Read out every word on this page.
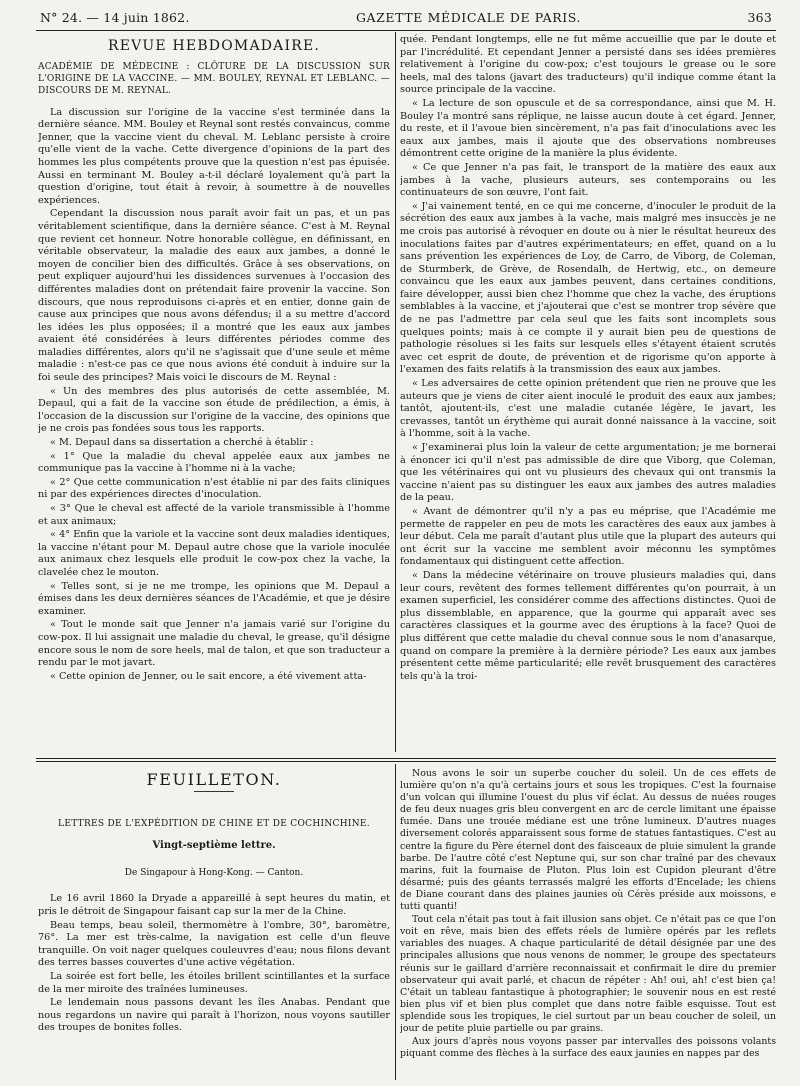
N° 24. — 14 juin 1862.	GAZETTE MÉDICALE DE PARIS.	363
REVUE HEBDOMADAIRE.
ACADÉMIE DE MÉDECINE : CLÔTURE DE LA DISCUSSION SUR L'ORIGINE DE LA VACCINE. — MM. BOULEY, REYNAL ET LEBLANC. — DISCOURS DE M. REYNAL.

La discussion sur l'origine de la vaccine s'est terminée dans la dernière séance. MM. Bouley et Reynal sont restés convaincus, comme Jenner, que la vaccine vient du cheval. M. Leblanc persiste à croire qu'elle vient de la vache. Cette divergence d'opinions de la part des hommes les plus compétents prouve que la question n'est pas épuisée. Aussi en terminant M. Bouley a-t-il déclaré loyalement qu'à part la question d'origine, tout était à revoir, à soumettre à de nouvelles expériences.

Cependant la discussion nous paraît avoir fait un pas, et un pas véritablement scientifique, dans la dernière séance. C'est à M. Reynal que revient cet honneur. Notre honorable collègue, en définissant, en véritable observateur, la maladie des eaux aux jambes, a donné le moyen de concilier bien des difficultés. Grâce à ses observations, on peut expliquer aujourd'hui les dissidences survenues à l'occasion des différentes maladies dont on prétendait faire provenir la vaccine. Son discours, que nous reproduisons ci-après et en entier, donne gain de cause aux principes que nous avons défendus; il a su mettre d'accord les idées les plus opposées; il a montré que les eaux aux jambes avaient été considérées à leurs différentes périodes comme des maladies différentes, alors qu'il ne s'agissait que d'une seule et même maladie : n'est-ce pas ce que nous avions été conduit à induire sur la foi seule des principes? Mais voici le discours de M. Reynal :

« Un des membres des plus autorisés de cette assemblée, M. Depaul, qui a fait de la vaccine son étude de prédilection, a émis, à l'occasion de la discussion sur l'origine de la vaccine, des opinions que je ne crois pas fondées sous tous les rapports.

« M. Depaul dans sa dissertation a cherché à établir :

« 1° Que la maladie du cheval appelée eaux aux jambes ne communique pas la vaccine à l'homme ni à la vache;

« 2° Que cette communication n'est établie ni par des faits cliniques ni par des expériences directes d'inoculation.

« 3° Que le cheval est affecté de la variole transmissible à l'homme et aux animaux;

« 4° Enfin que la variole et la vaccine sont deux maladies identiques, la vaccine n'étant pour M. Depaul autre chose que la variole inoculée aux animaux chez lesquels elle produit le cow-pox chez la vache, la clavelée chez le mouton.

« Telles sont, si je ne me trompe, les opinions que M. Depaul a émises dans les deux dernières séances de l'Académie, et que je désire examiner.

« Tout le monde sait que Jenner n'a jamais varié sur l'origine du cow-pox. Il lui assignait une maladie du cheval, le grease, qu'il désigne encore sous le nom de sore heels, mal de talon, et que son traducteur a rendu par le mot javart.

« Cette opinion de Jenner, ou le sait encore, a été vivement atta-

quée. Pendant longtemps, elle ne fut même accueillie que par le doute et par l'incrédulité. Et cependant Jenner a persisté dans ses idées premières relativement à l'origine du cow-pox; c'est toujours le grease ou le sore heels, mal des talons (javart des traducteurs) qu'il indique comme étant la source principale de la vaccine.

« La lecture de son opuscule et de sa correspondance, ainsi que M. H. Bouley l'a montré sans réplique, ne laisse aucun doute à cet égard. Jenner, du reste, et il l'avoue bien sincèrement, n'a pas fait d'inoculations avec les eaux aux jambes, mais il ajoute que des observations nombreuses démontrent cette origine de la manière la plus évidente.

« Ce que Jenner n'a pas fait, le transport de la matière des eaux aux jambes à la vache, plusieurs auteurs, ses contemporains ou les continuateurs de son œuvre, l'ont fait.

« J'ai vainement tenté, en ce qui me concerne, d'inoculer le produit de la sécrétion des eaux aux jambes à la vache, mais malgré mes insuccès je ne me crois pas autorisé à révoquer en doute ou à nier le résultat heureux des inoculations faites par d'autres expérimentateurs; en effet, quand on a lu sans prévention les expériences de Loy, de Carro, de Viborg, de Coleman, de Sturmberk, de Grève, de Rosendalh, de Hertwig, etc., on demeure convaincu que les eaux aux jambes peuvent, dans certaines conditions, faire développer, aussi bien chez l'homme que chez la vache, des éruptions semblables à la vaccine, et j'ajouterai que c'est se montrer trop sévère que de ne pas l'admettre par cela seul que les faits sont incomplets sous quelques points; mais à ce compte il y aurait bien peu de questions de pathologie résolues si les faits sur lesquels elles s'étayent étaient scrutés avec cet esprit de doute, de prévention et de rigorisme qu'on apporte à l'examen des faits relatifs à la transmission des eaux aux jambes.

« Les adversaires de cette opinion prétendent que rien ne prouve que les auteurs que je viens de citer aient inoculé le produit des eaux aux jambes; tantôt, ajoutent-ils, c'est une maladie cutanée légère, le javart, les crevasses, tantôt un érythème qui aurait donné naissance à la vaccine, soit à l'homme, soit à la vache.

« J'examinerai plus loin la valeur de cette argumentation; je me bornerai à énoncer ici qu'il n'est pas admissible de dire que Viborg, que Coleman, que les vétérinaires qui ont vu plusieurs des chevaux qui ont transmis la vaccine n'aient pas su distinguer les eaux aux jambes des autres maladies de la peau.

« Avant de démontrer qu'il n'y a pas eu méprise, que l'Académie me permette de rappeler en peu de mots les caractères des eaux aux jambes à leur début. Cela me paraît d'autant plus utile que la plupart des auteurs qui ont écrit sur la vaccine me semblent avoir méconnu les symptômes fondamentaux qui distinguent cette affection.

« Dans la médecine vétérinaire on trouve plusieurs maladies qui, dans leur cours, revêtent des formes tellement différentes qu'on pourrait, à un examen superficiel, les considérer comme des affections distinctes. Quoi de plus dissemblable, en apparence, que la gourme qui apparaît avec ses caractères classiques et la gourme avec des éruptions à la face? Quoi de plus différent que cette maladie du cheval connue sous le nom d'anasarque, quand on compare la première à la dernière période? Les eaux aux jambes présentent cette même particularité; elle revêt brusquement des caractères tels qu'à la troi-

FEUILLETON.
LETTRES DE L'EXPÉDITION DE CHINE ET DE COCHINCHINE.
Vingt-septième lettre.
De Singapour à Hong-Kong. — Canton.

Le 16 avril 1860 la Dryade a appareillé à sept heures du matin, et pris le détroit de Singapour faisant cap sur la mer de la Chine.

Beau temps, beau soleil, thermomètre à l'ombre, 30°, baromètre, 76°. La mer est très-calme, la navigation est celle d'un fleuve tranquille. On voit nager quelques couleuvres d'eau; nous filons devant des terres basses couvertes d'une active végétation.

La soirée est fort belle, les étoiles brillent scintillantes et la surface de la mer miroite des traînées lumineuses.

Le lendemain nous passons devant les îles Anabas. Pendant que nous regardons un navire qui paraît à l'horizon, nous voyons sautiller des troupes de bonites folles.

Nous avons le soir un superbe coucher du soleil. Un de ces effets de lumière qu'on n'a qu'à certains jours et sous les tropiques. C'est la fournaise d'un volcan qui illumine l'ouest du plus vif éclat. Au dessus de nuées rouges de feu deux nuages gris bleu convergent en arc de cercle limitant une épaisse fumée. Dans une trouée médiane est une trône lumineux. D'autres nuages diversement colorés apparaissent sous forme de statues fantastiques. C'est au centre la figure du Père éternel dont des faisceaux de pluie simulent la grande barbe. De l'autre côté c'est Neptune qui, sur son char traîné par des chevaux marins, fuit la fournaise de Pluton. Plus loin est Cupidon pleurant d'être désarmé; puis des géants terrassés malgré les efforts d'Encelade; les chiens de Diane courant dans des plaines jaunies où Cérès préside aux moissons, e tutti quanti!

Tout cela n'était pas tout à fait illusion sans objet. Ce n'était pas ce que l'on voit en rêve, mais bien des effets réels de lumière opérés par les reflets variables des nuages. A chaque particularité de détail désignée par une des principales allusions que nous venons de nommer, le groupe des spectateurs réunis sur le gaillard d'arrière reconnaissait et confirmait le dire du premier observateur qui avait parlé, et chacun de répéter : Ah! oui, ah! c'est bien ça! C'était un tableau fantastique à photographier; le souvenir nous en est resté bien plus vif et bien plus complet que dans notre faible esquisse. Tout est splendide sous les tropiques, le ciel surtout par un beau coucher de soleil, un jour de petite pluie partielle ou par grains.

Aux jours d'après nous voyons passer par intervalles des poissons volants piquant comme des flèches à la surface des eaux jaunies en nappes par des
